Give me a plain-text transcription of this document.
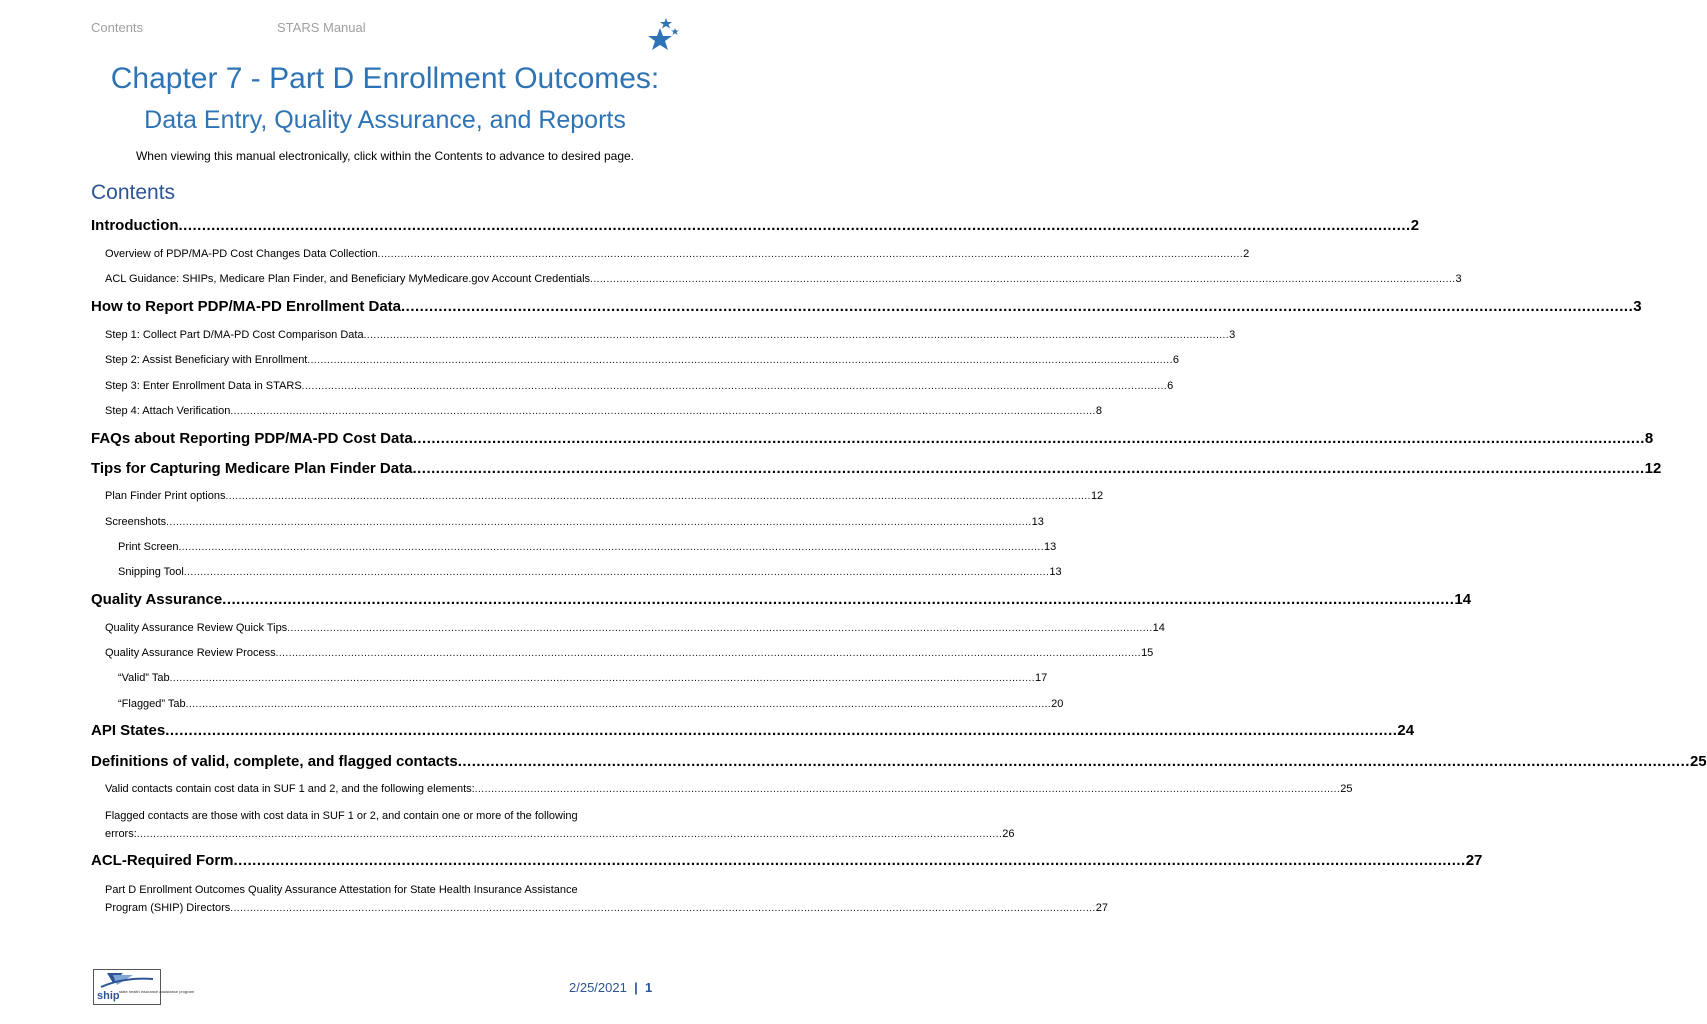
Contents	STARS Manual
Chapter 7 - Part D Enrollment Outcomes:
Data Entry, Quality Assurance, and Reports
When viewing this manual electronically, click within the Contents to advance to desired page.
Contents
Introduction .....	2
Overview of PDP/MA-PD Cost Changes Data Collection .....	2
ACL Guidance: SHIPs, Medicare Plan Finder, and Beneficiary MyMedicare.gov Account Credentials .....	3
How to Report PDP/MA-PD Enrollment Data .....	3
Step 1: Collect Part D/MA-PD Cost Comparison Data .....	3
Step 2: Assist Beneficiary with Enrollment .....	6
Step 3: Enter Enrollment Data in STARS .....	6
Step 4: Attach Verification .....	8
FAQs about Reporting PDP/MA-PD Cost Data .....	8
Tips for Capturing Medicare Plan Finder Data .....	12
Plan Finder Print options .....	12
Screenshots .....	13
Print Screen .....	13
Snipping Tool .....	13
Quality Assurance .....	14
Quality Assurance Review Quick Tips .....	14
Quality Assurance Review Process .....	15
“Valid” Tab .....	17
“Flagged” Tab .....	20
API States .....	24
Definitions of valid, complete, and flagged contacts .....	25
Valid contacts contain cost data in SUF 1 and 2, and the following elements: .....	25
Flagged contacts are those with cost data in SUF 1 or 2, and contain one or more of the following
errors: .....	26
ACL-Required Form .....	27
Part D Enrollment Outcomes Quality Assurance Attestation for State Health Insurance Assistance
Program (SHIP) Directors .....	27
ship state health insurance assistance program	2/25/2021 | 1
